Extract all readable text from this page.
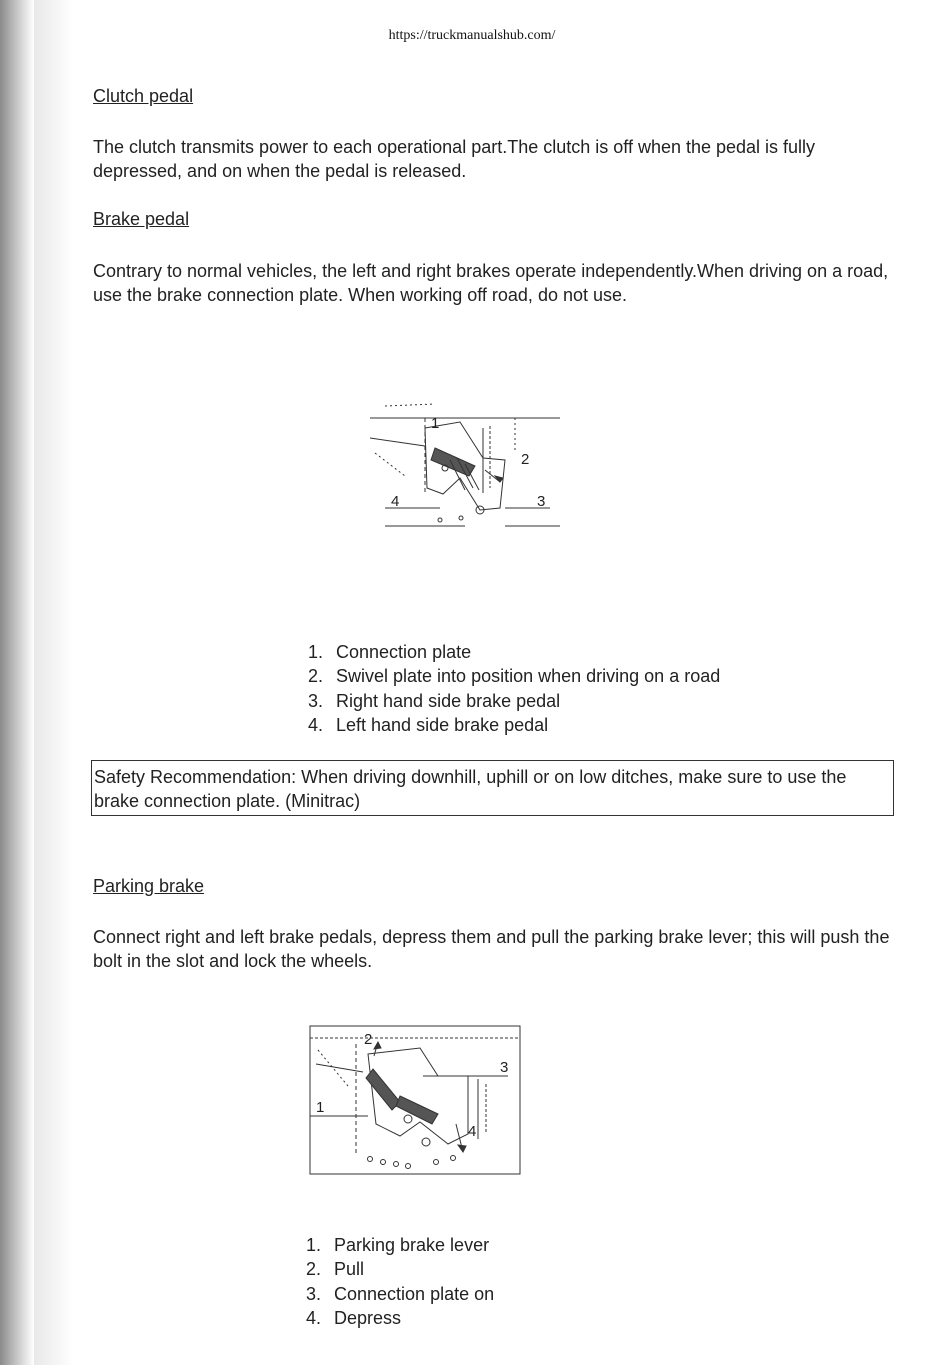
https://truckmanualshub.com/
Clutch pedal
The clutch transmits power to each operational part.The clutch is off when the pedal is fully depressed, and on when the pedal is released.
Brake pedal
Contrary to normal vehicles, the left and right brakes operate independently.When driving on a road, use the brake connection plate. When working off road, do not use.
1
2
3
4
1. Connection plate
2. Swivel plate into position when driving on a road
3. Right hand side brake pedal
4. Left hand side brake pedal
Safety Recommendation: When driving downhill, uphill or on low ditches, make sure to use the brake connection plate. (Minitrac)
Parking brake
Connect right and left brake pedals, depress them and pull the parking brake lever; this will push the bolt in the slot and lock the wheels.
1
2
3
4
1. Parking brake lever
2. Pull
3. Connection plate on
4. Depress
